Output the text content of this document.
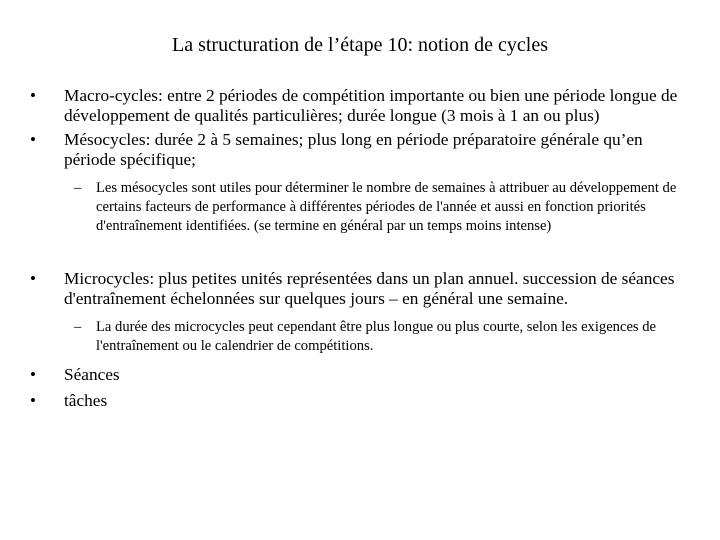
La structuration de l’étape 10: notion de cycles
•	Macro-cycles: entre 2 périodes de compétition importante ou bien une période longue de développement de qualités particulières; durée longue (3 mois à 1 an ou plus)
•	Mésocycles: durée 2 à 5 semaines; plus long en période préparatoire générale qu’en période spécifique;
–	Les mésocycles sont utiles pour déterminer le nombre de semaines à attribuer au développement de certains facteurs de performance à différentes périodes de l'année et aussi en fonction priorités d'entraînement identifiées. (se termine en général par un temps moins intense)
•	Microcycles: plus petites unités représentées dans un plan annuel. succession de séances d'entraînement échelonnées sur quelques jours – en général une semaine.
–	La durée des microcycles peut cependant être plus longue ou plus courte, selon les exigences de l'entraînement ou le calendrier de compétitions.
•	Séances
•	tâches
